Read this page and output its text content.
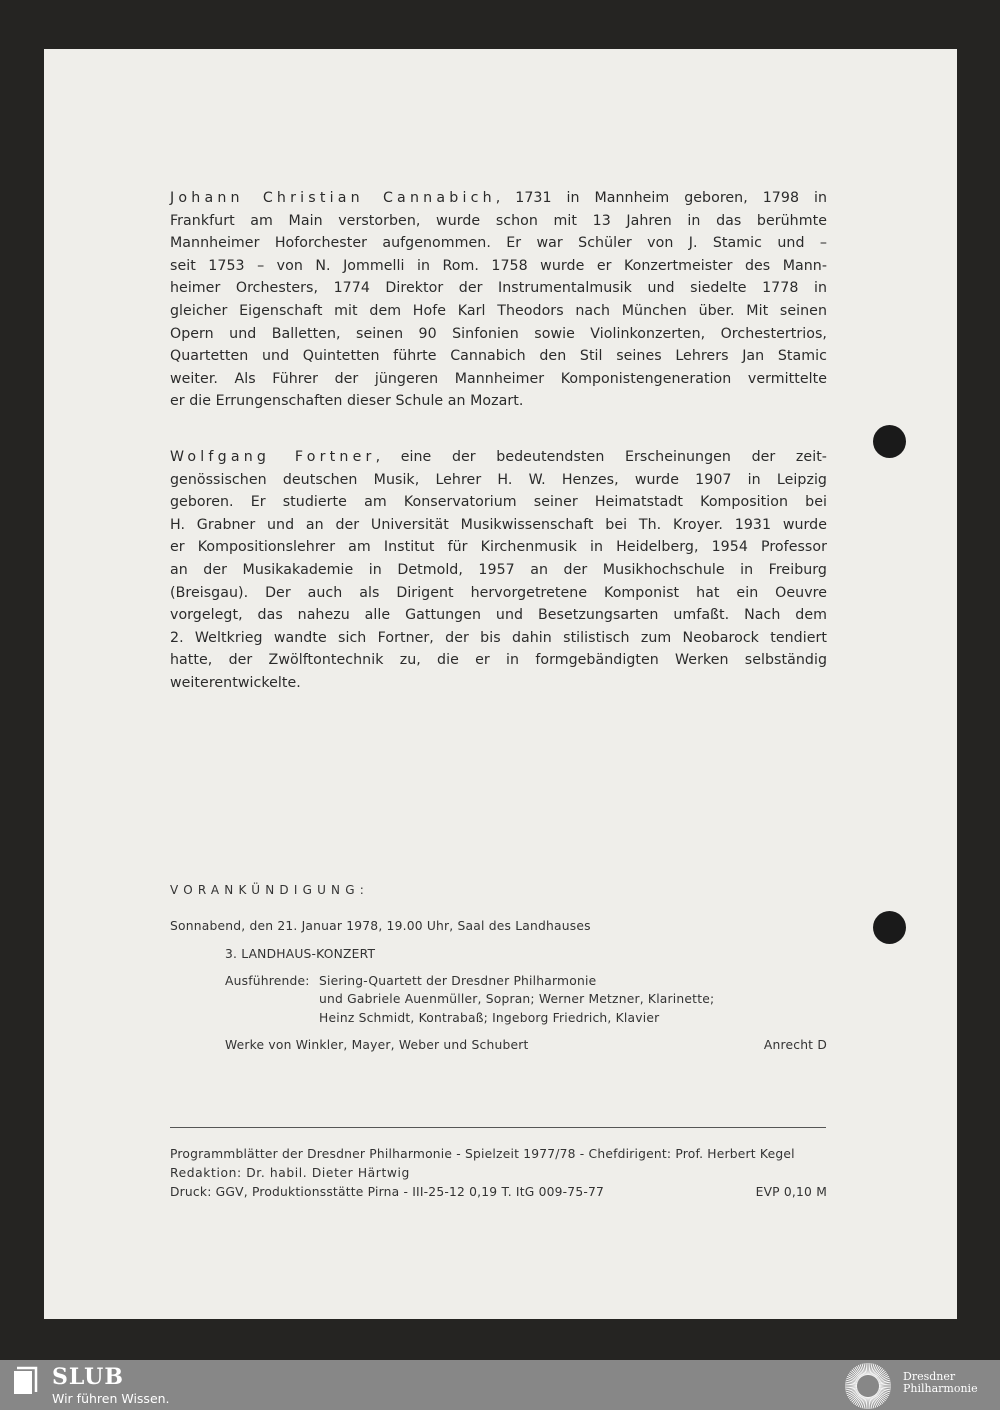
Johann Christian Cannabich, 1731 in Mannheim geboren, 1798 in
Frankfurt am Main verstorben, wurde schon mit 13 Jahren in das berühmte
Mannheimer Hoforchester aufgenommen. Er war Schüler von J. Stamic und –
seit 1753 – von N. Jommelli in Rom. 1758 wurde er Konzertmeister des Mann-
heimer Orchesters, 1774 Direktor der Instrumentalmusik und siedelte 1778 in
gleicher Eigenschaft mit dem Hofe Karl Theodors nach München über. Mit seinen
Opern und Balletten, seinen 90 Sinfonien sowie Violinkonzerten, Orchestertrios,
Quartetten und Quintetten führte Cannabich den Stil seines Lehrers Jan Stamic
weiter. Als Führer der jüngeren Mannheimer Komponistengeneration vermittelte
er die Errungenschaften dieser Schule an Mozart.
Wolfgang Fortner, eine der bedeutendsten Erscheinungen der zeit-
genössischen deutschen Musik, Lehrer H. W. Henzes, wurde 1907 in Leipzig
geboren. Er studierte am Konservatorium seiner Heimatstadt Komposition bei
H. Grabner und an der Universität Musikwissenschaft bei Th. Kroyer. 1931 wurde
er Kompositionslehrer am Institut für Kirchenmusik in Heidelberg, 1954 Professor
an der Musikakademie in Detmold, 1957 an der Musikhochschule in Freiburg
(Breisgau). Der auch als Dirigent hervorgetretene Komponist hat ein Oeuvre
vorgelegt, das nahezu alle Gattungen und Besetzungsarten umfaßt. Nach dem
2. Weltkrieg wandte sich Fortner, der bis dahin stilistisch zum Neobarock tendiert
hatte, der Zwölftontechnik zu, die er in formgebändigten Werken selbständig
weiterentwickelte.
VORANKÜNDIGUNG:
Sonnabend, den 21. Januar 1978, 19.00 Uhr, Saal des Landhauses
3. LANDHAUS-KONZERT
Ausführende: Siering-Quartett der Dresdner Philharmonie
und Gabriele Auenmüller, Sopran; Werner Metzner, Klarinette;
Heinz Schmidt, Kontrabaß; Ingeborg Friedrich, Klavier
Werke von Winkler, Mayer, Weber und Schubert	Anrecht D
Programmblätter der Dresdner Philharmonie - Spielzeit 1977/78 - Chefdirigent: Prof. Herbert Kegel
Redaktion: Dr. habil. Dieter Härtwig
Druck: GGV, Produktionsstätte Pirna - III-25-12 0,19 T. ItG 009-75-77	EVP 0,10 M
SLUB
Wir führen Wissen.
Dresdner
Philharmonie
